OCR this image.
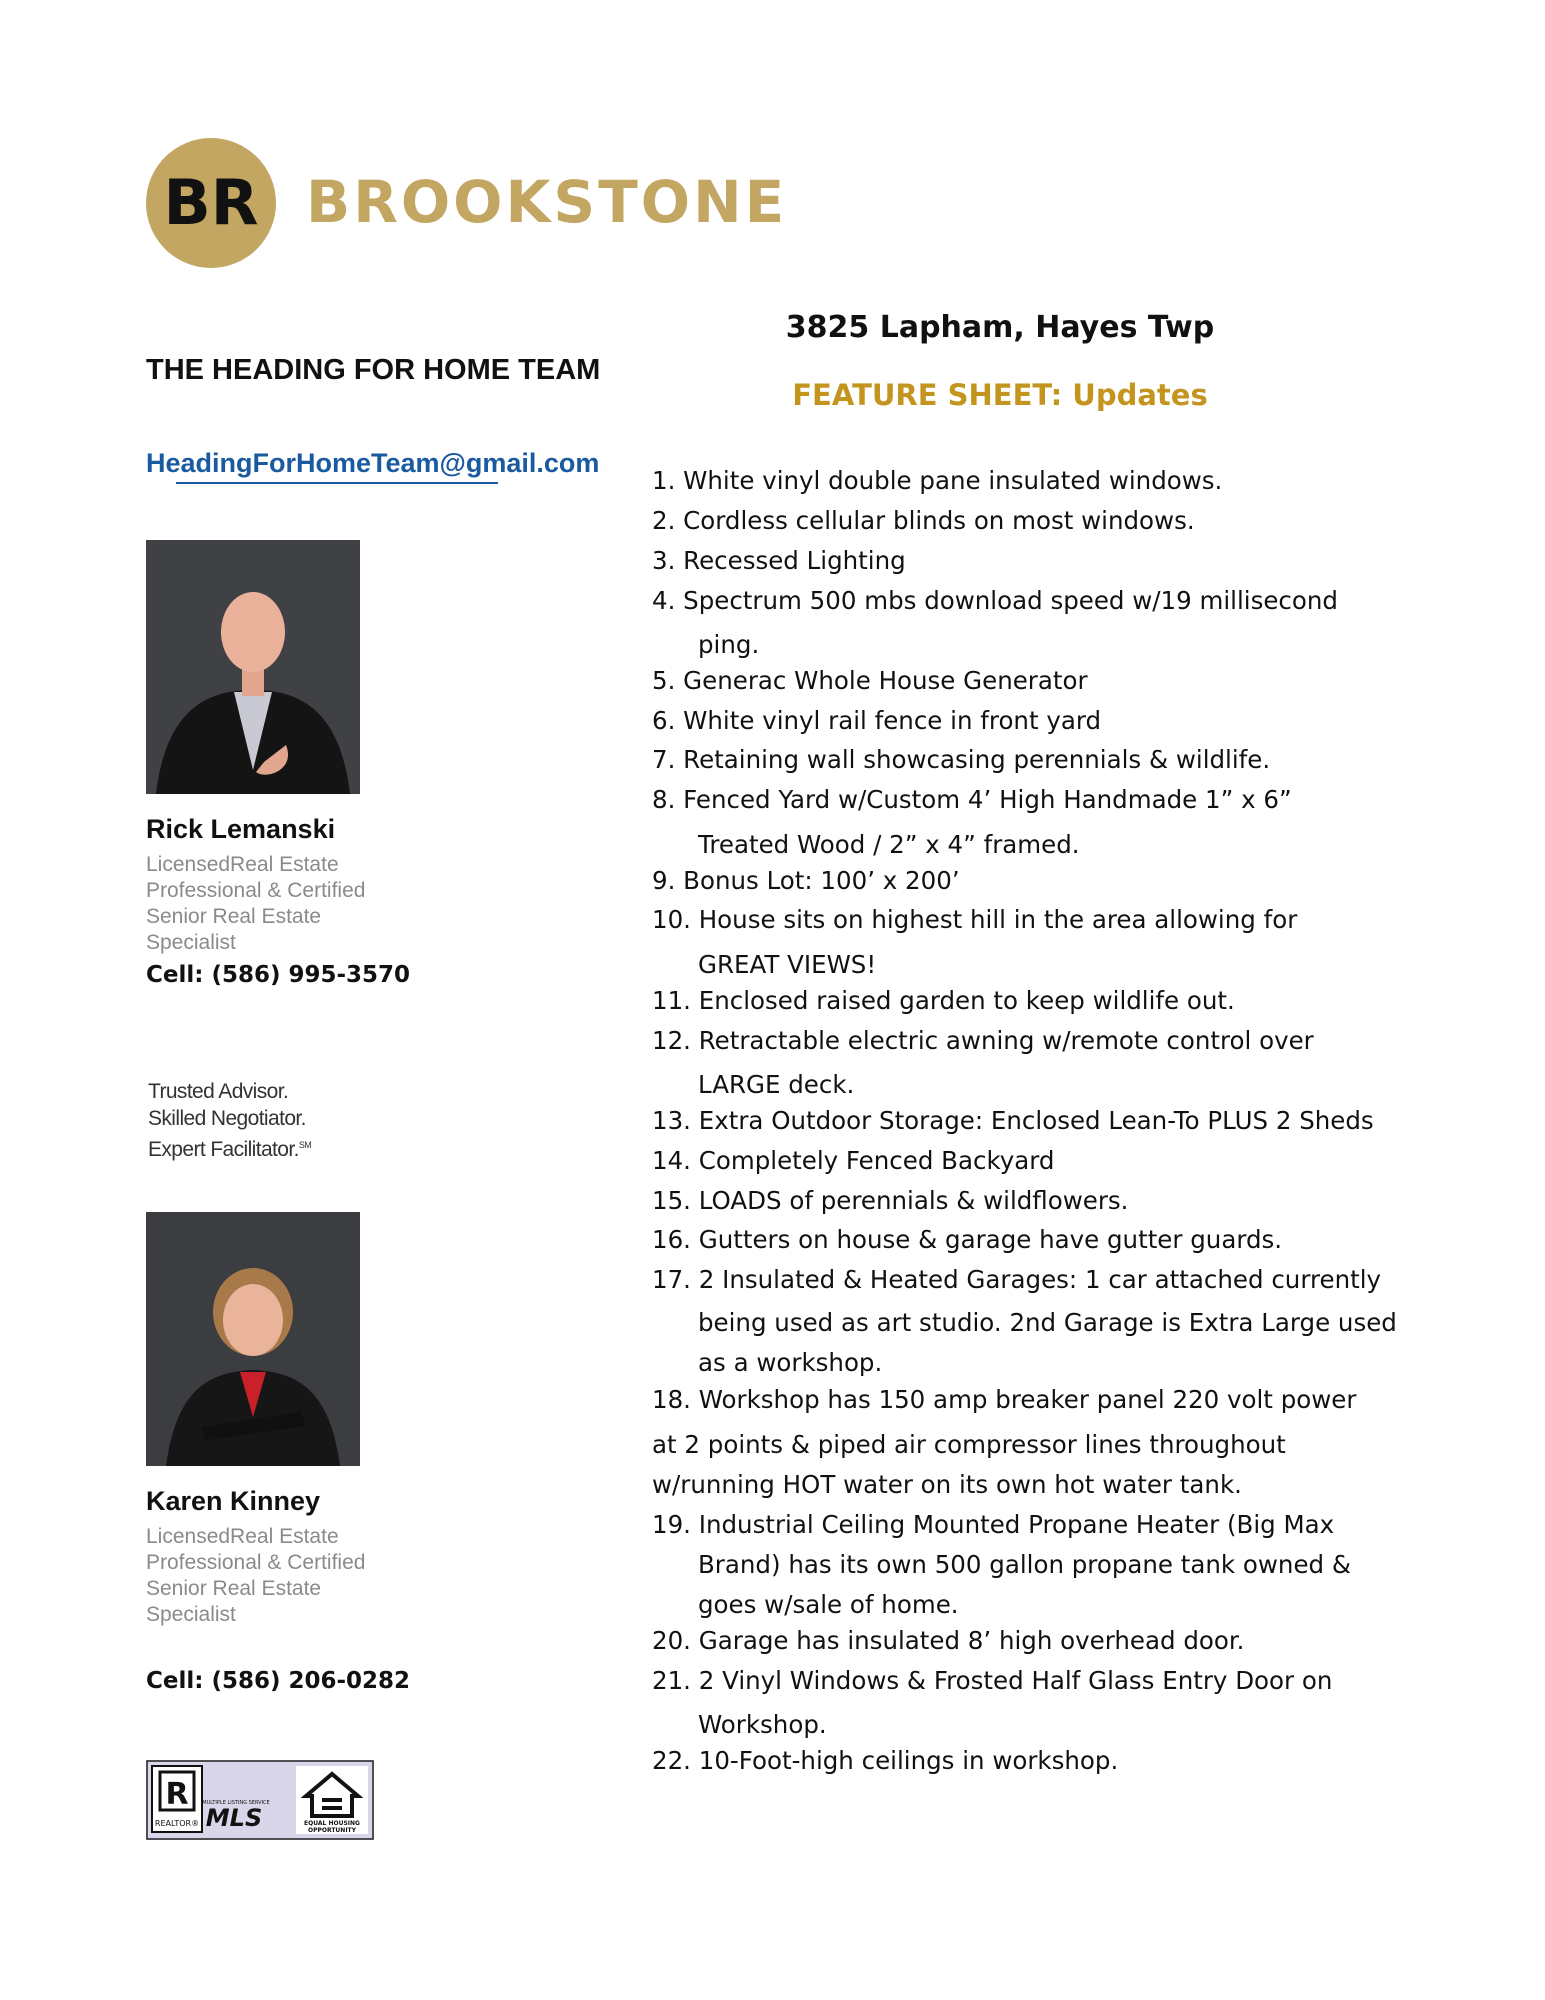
BR BROOKSTONE
THE HEADING FOR HOME TEAM
HeadingForHomeTeam@gmail.com
Rick Lemanski
LicensedReal Estate
Professional & Certified
Senior Real Estate
Specialist
Cell: (586) 995-3570
Trusted Advisor.
Skilled Negotiator.
Expert Facilitator.℠
Karen Kinney
LicensedReal Estate
Professional & Certified
Senior Real Estate
Specialist
Cell: (586) 206-0282
R
REALTOR®
MULTIPLE LISTING SERVICE
MLS	EQUAL HOUSING
OPPORTUNITY
3825 Lapham, Hayes Twp
FEATURE SHEET: Updates
1. White vinyl double pane insulated windows.
2. Cordless cellular blinds on most windows.
3. Recessed Lighting
4. Spectrum 500 mbs download speed w/19 millisecond
ping.
5. Generac Whole House Generator
6. White vinyl rail fence in front yard
7. Retaining wall showcasing perennials & wildlife.
8. Fenced Yard w/Custom 4’ High Handmade 1” x 6”
Treated Wood / 2” x 4” framed.
9. Bonus Lot: 100’ x 200’
10. House sits on highest hill in the area allowing for
GREAT VIEWS!
11. Enclosed raised garden to keep wildlife out.
12. Retractable electric awning w/remote control over
LARGE deck.
13. Extra Outdoor Storage: Enclosed Lean-To PLUS 2 Sheds
14. Completely Fenced Backyard
15. LOADS of perennials & wildflowers.
16. Gutters on house & garage have gutter guards.
17. 2 Insulated & Heated Garages: 1 car attached currently
being used as art studio. 2nd Garage is Extra Large used
as a workshop.
18. Workshop has 150 amp breaker panel 220 volt power
at 2 points & piped air compressor lines throughout
w/running HOT water on its own hot water tank.
19. Industrial Ceiling Mounted Propane Heater (Big Max
Brand) has its own 500 gallon propane tank owned &
goes w/sale of home.
20. Garage has insulated 8’ high overhead door.
21. 2 Vinyl Windows & Frosted Half Glass Entry Door on
Workshop.
22. 10-Foot-high ceilings in workshop.
